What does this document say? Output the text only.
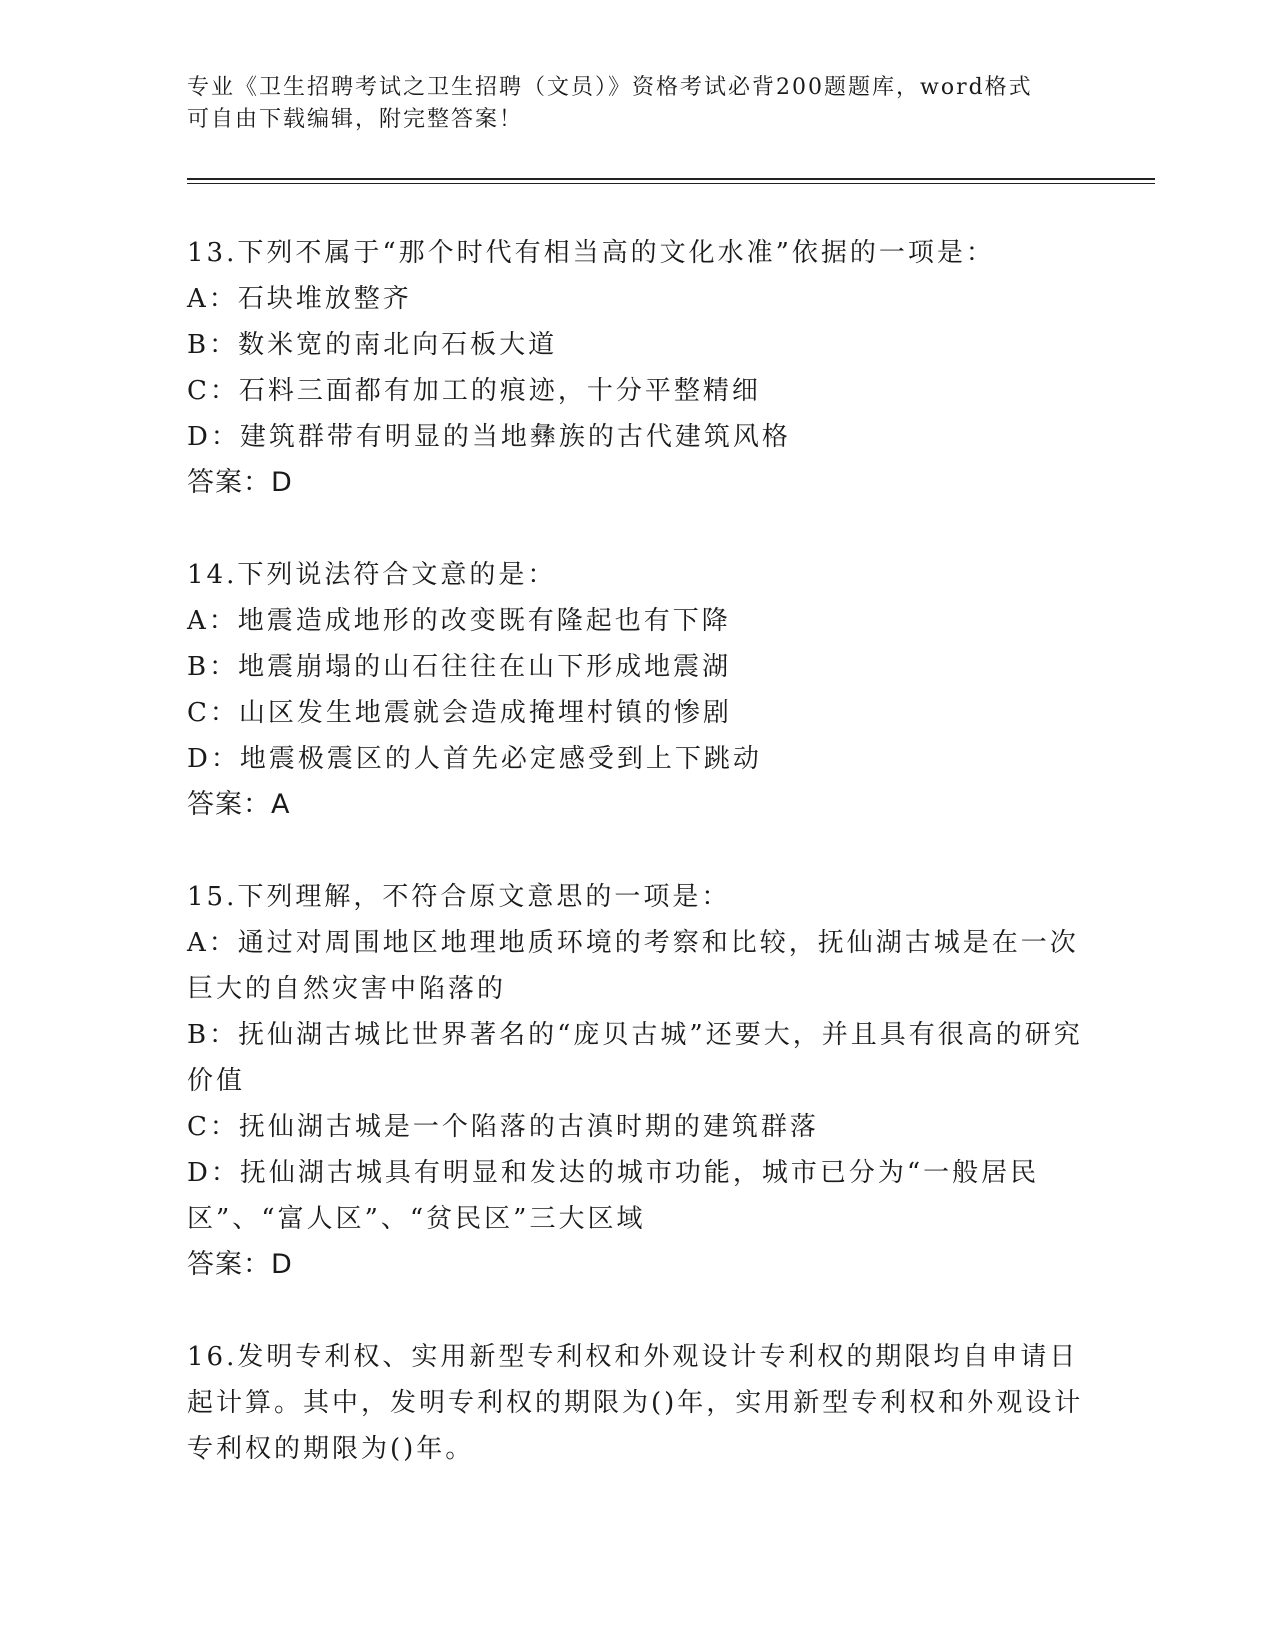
专业《卫生招聘考试之卫生招聘（文员）》资格考试必背200题题库，word格式

可自由下载编辑，附完整答案！

13.下列不属于“那个时代有相当高的文化水准”依据的一项是：

A：石块堆放整齐

B：数米宽的南北向石板大道

C：石料三面都有加工的痕迹，十分平整精细

D：建筑群带有明显的当地彝族的古代建筑风格

答案：D

14.下列说法符合文意的是：

A：地震造成地形的改变既有隆起也有下降

B：地震崩塌的山石往往在山下形成地震湖

C：山区发生地震就会造成掩埋村镇的惨剧

D：地震极震区的人首先必定感受到上下跳动

答案：A

15.下列理解，不符合原文意思的一项是：

A：通过对周围地区地理地质环境的考察和比较，抚仙湖古城是在一次巨大的自然灾害中陷落的

B：抚仙湖古城比世界著名的“庞贝古城”还要大，并且具有很高的研究价值

C：抚仙湖古城是一个陷落的古滇时期的建筑群落

D：抚仙湖古城具有明显和发达的城市功能，城市已分为“一般居民区”、“富人区”、“贫民区”三大区域

答案：D

16.发明专利权、实用新型专利权和外观设计专利权的期限均自申请日起计算。其中，发明专利权的期限为()年，实用新型专利权和外观设计专利权的期限为()年。
